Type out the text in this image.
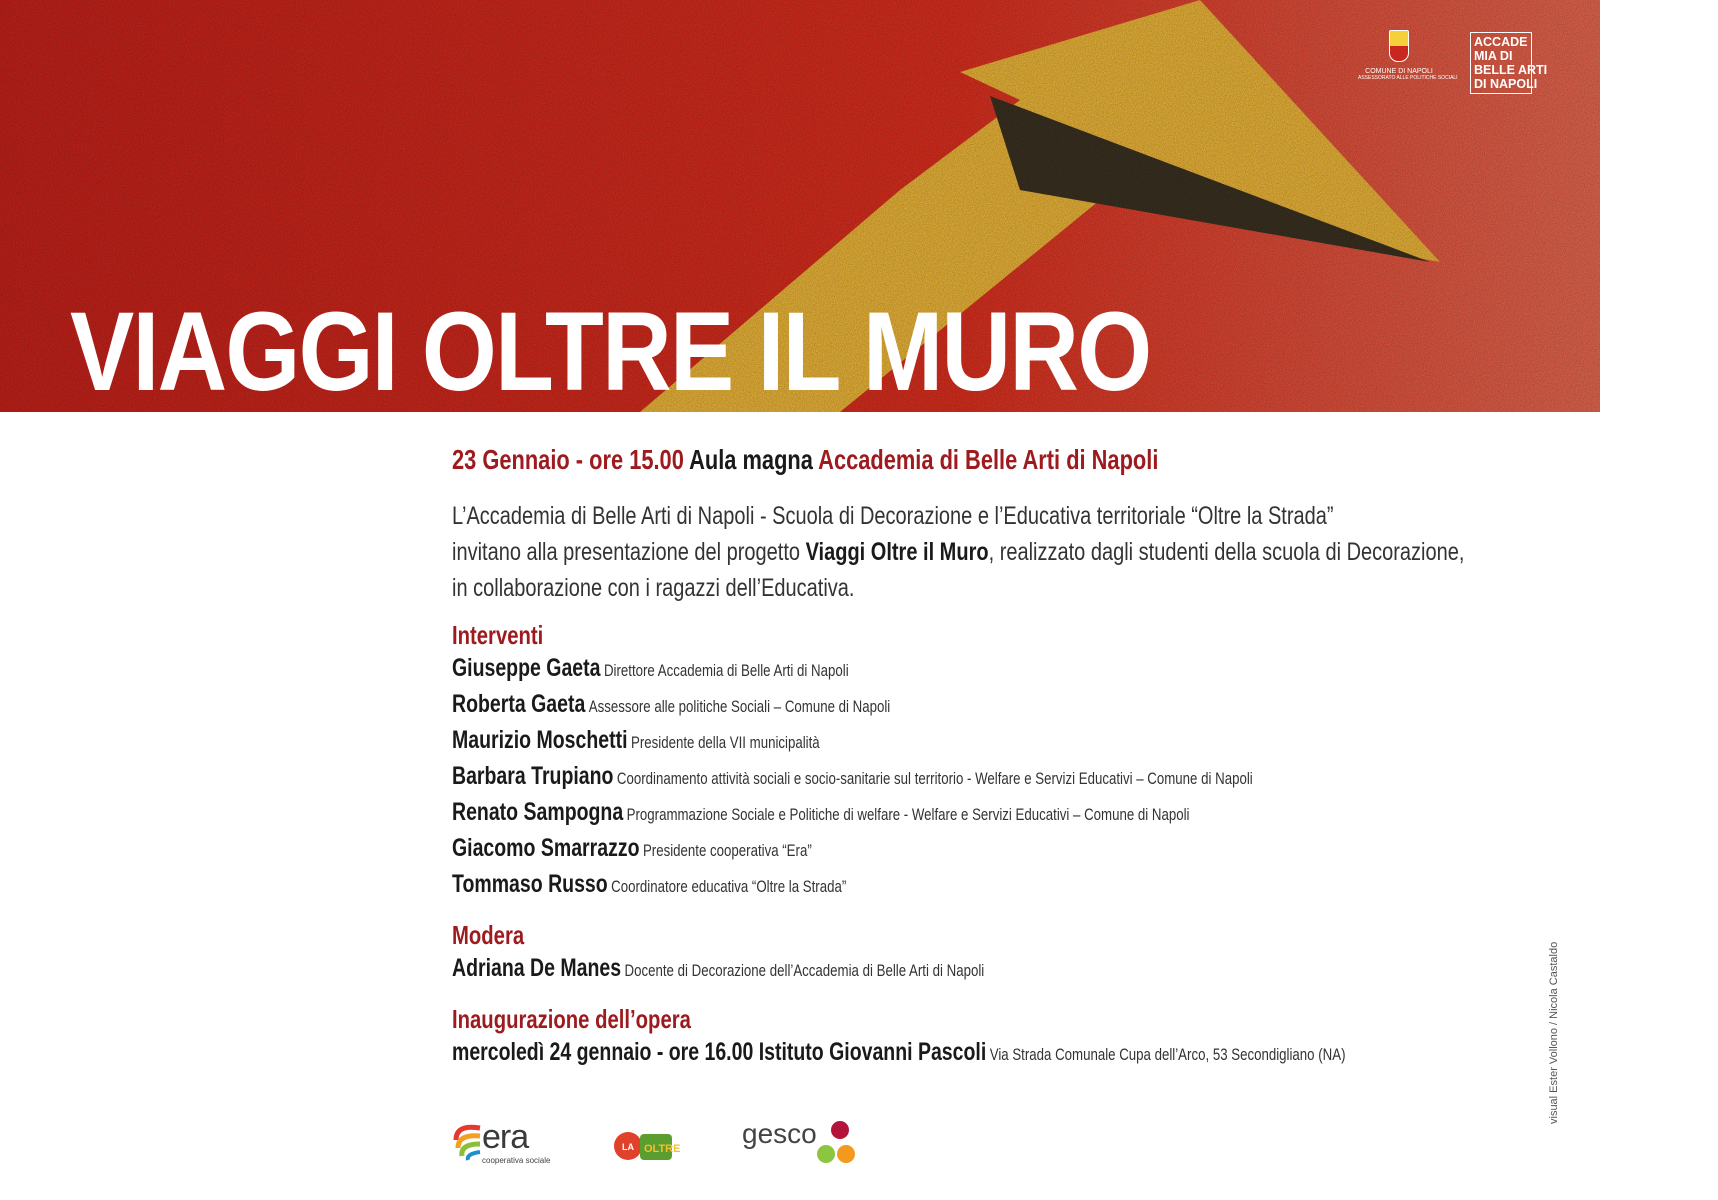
COMUNE DI NAPOLI
ASSESSORATO ALLE POLITICHE SOCIALI
ACCADE
MIA DI
BELLE ARTI
DI NAPOLI
VIAGGI OLTRE IL MURO
23 Gennaio - ore 15.00 Aula magna Accademia di Belle Arti di Napoli
L’Accademia di Belle Arti di Napoli - Scuola di Decorazione e l’Educativa territoriale “Oltre la Strada”
invitano alla presentazione del progetto Viaggi Oltre il Muro, realizzato dagli studenti della scuola di Decorazione,
in collaborazione con i ragazzi dell’Educativa.
Interventi
Giuseppe Gaeta Direttore Accademia di Belle Arti di Napoli
Roberta Gaeta Assessore alle politiche Sociali – Comune di Napoli
Maurizio Moschetti Presidente della VII municipalità
Barbara Trupiano Coordinamento attività sociali e socio-sanitarie sul territorio - Welfare e Servizi Educativi – Comune di Napoli
Renato Sampogna Programmazione Sociale e Politiche di welfare - Welfare e Servizi Educativi – Comune di Napoli
Giacomo Smarrazzo Presidente cooperativa “Era”
Tommaso Russo Coordinatore educativa “Oltre la Strada”
Modera
Adriana De Manes Docente di Decorazione dell’Accademia di Belle Arti di Napoli
Inaugurazione dell’opera
mercoledì 24 gennaio - ore 16.00 Istituto Giovanni Pascoli Via Strada Comunale Cupa dell’Arco, 53 Secondigliano (NA)	visual Ester Vollono / Nicola Castaldo
era
cooperativa sociale
OLTRE
LA	gesco
